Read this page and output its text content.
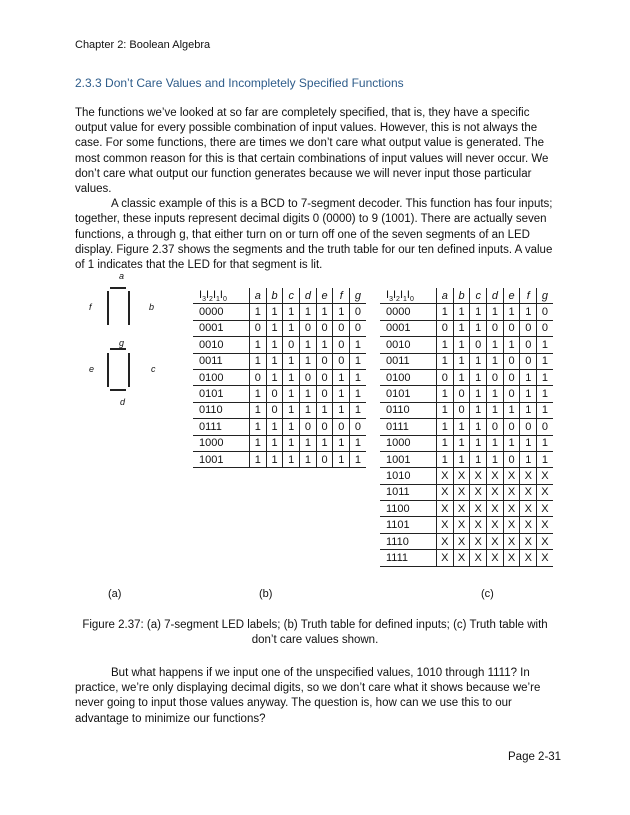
Chapter 2: Boolean Algebra
2.3.3 Don’t Care Values and Incompletely Specified Functions

The functions we’ve looked at so far are completely specified, that is, they have a specific output value for every possible combination of input values. However, this is not always the case. For some functions, there are times we don’t care what output value is generated. The most common reason for this is that certain combinations of input values will never occur. We don’t care what output our function generates because we will never input those particular values.

A classic example of this is a BCD to 7-segment decoder. This function has four inputs; together, these inputs represent decimal digits 0 (0000) to 9 (1001). There are actually seven functions, a through g, that either turn on or turn off one of the seven segments of an LED display. Figure 2.37 shows the segments and the truth table for our ten defined inputs. A value of 1 indicates that the LED for that segment is lit.

a
b
c
d
e
f
g
$I_3I_2I_1I_0$	a	b	c	d	e	f	g
0000	1	1	1	1	1	1	0
0001	0	1	1	0	0	0	0
0010	1	1	0	1	1	0	1
0011	1	1	1	1	0	0	1
0100	0	1	1	0	0	1	1
0101	1	0	1	1	0	1	1
0110	1	0	1	1	1	1	1
0111	1	1	1	0	0	0	0
1000	1	1	1	1	1	1	1
1001	1	1	1	1	0	1	1
$I_3I_2I_1I_0$	a	b	c	d	e	f	g
0000	1	1	1	1	1	1	0
0001	0	1	1	0	0	0	0
0010	1	1	0	1	1	0	1
0011	1	1	1	1	0	0	1
0100	0	1	1	0	0	1	1
0101	1	0	1	1	0	1	1
0110	1	0	1	1	1	1	1
0111	1	1	1	0	0	0	0
1000	1	1	1	1	1	1	1
1001	1	1	1	1	0	1	1
1010	X	X	X	X	X	X	X
1011	X	X	X	X	X	X	X
1100	X	X	X	X	X	X	X
1101	X	X	X	X	X	X	X
1110	X	X	X	X	X	X	X
1111	X	X	X	X	X	X	X
(a)	(b)	(c)
Figure 2.37: (a) 7-segment LED labels; (b) Truth table for defined inputs; (c) Truth table with don’t care values shown.

But what happens if we input one of the unspecified values, 1010 through 1111? In practice, we’re only displaying decimal digits, so we don’t care what it shows because we’re never going to input those values anyway. The question is, how can we use this to our advantage to minimize our functions?

Page 2-31
